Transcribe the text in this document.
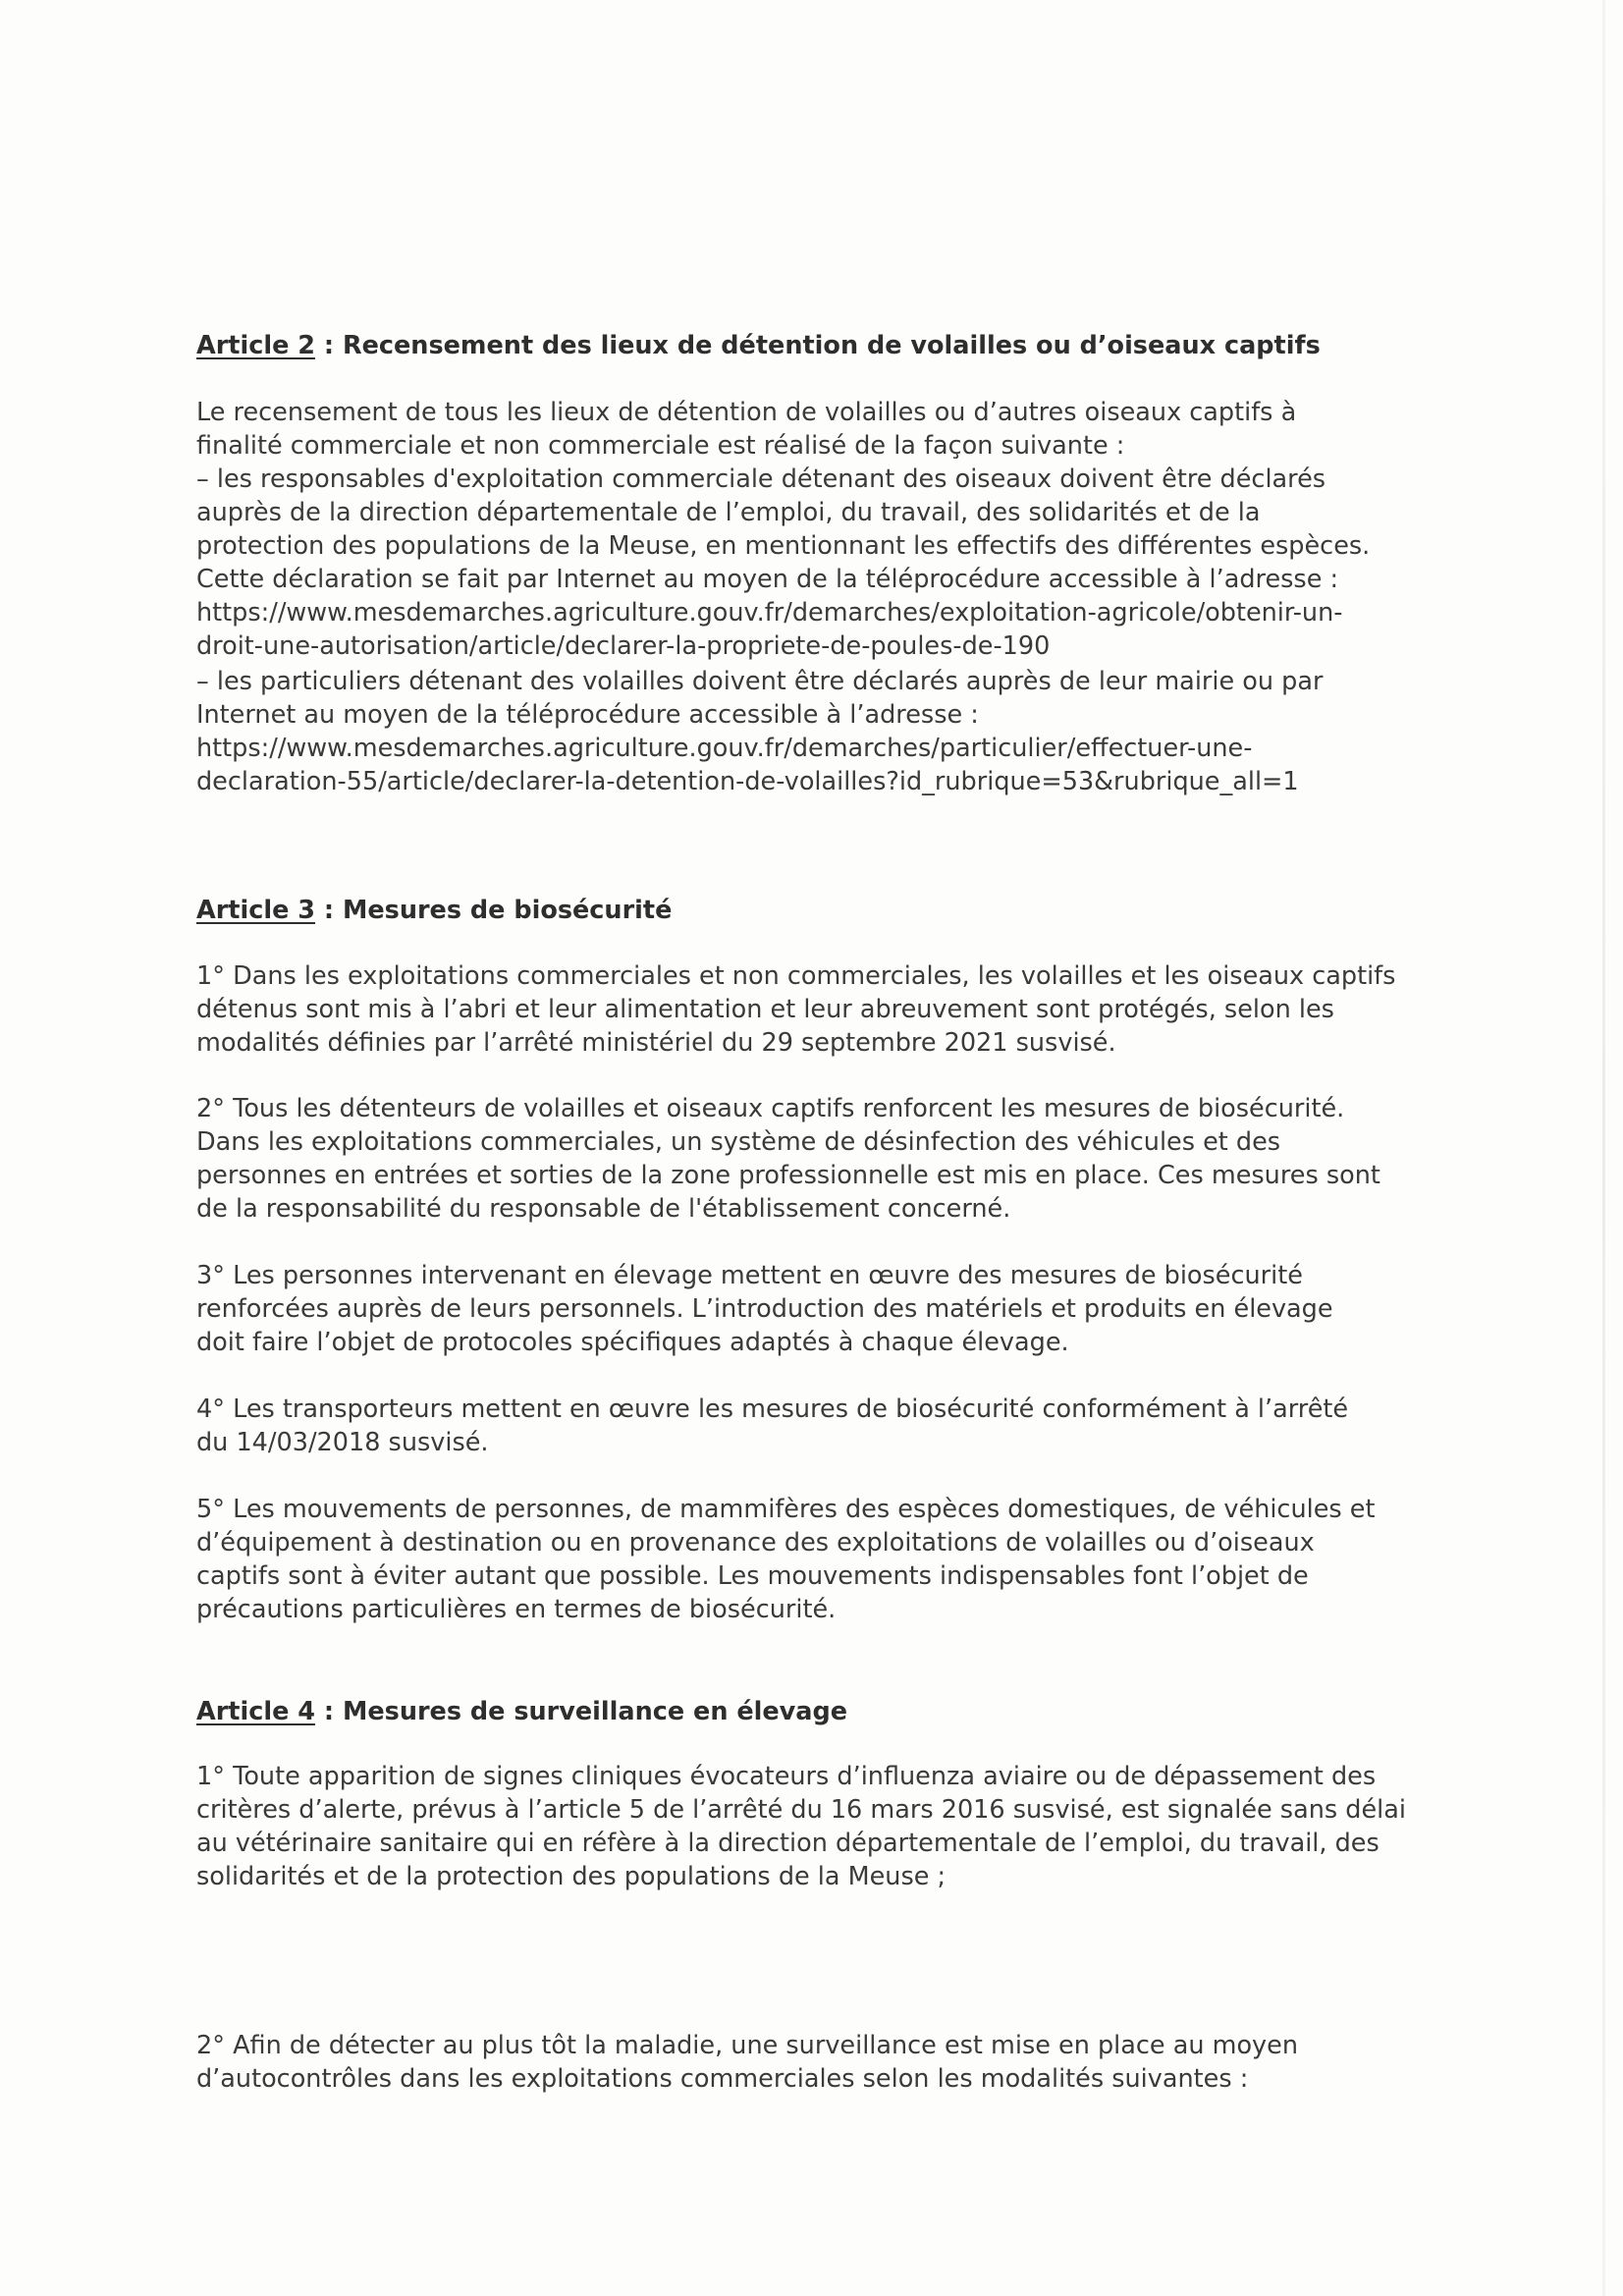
Article 2 : Recensement des lieux de détention de volailles ou d’oiseaux captifs

Le recensement de tous les lieux de détention de volailles ou d’autres oiseaux captifs à
finalité commerciale et non commerciale est réalisé de la façon suivante :

– les responsables d'exploitation commerciale détenant des oiseaux doivent être déclarés
auprès de la direction départementale de l’emploi, du travail, des solidarités et de la
protection des populations de la Meuse, en mentionnant les effectifs des différentes espèces.
Cette déclaration se fait par Internet au moyen de la téléprocédure accessible à l’adresse :
https://www.mesdemarches.agriculture.gouv.fr/demarches/exploitation-agricole/obtenir-un-
droit-une-autorisation/article/declarer-la-propriete-de-poules-de-190

– les particuliers détenant des volailles doivent être déclarés auprès de leur mairie ou par
Internet au moyen de la téléprocédure accessible à l’adresse :
https://www.mesdemarches.agriculture.gouv.fr/demarches/particulier/effectuer-une-
declaration-55/article/declarer-la-detention-de-volailles?id_rubrique=53&rubrique_all=1

Article 3 : Mesures de biosécurité

1° Dans les exploitations commerciales et non commerciales, les volailles et les oiseaux captifs
détenus sont mis à l’abri et leur alimentation et leur abreuvement sont protégés, selon les
modalités définies par l’arrêté ministériel du 29 septembre 2021 susvisé.

2° Tous les détenteurs de volailles et oiseaux captifs renforcent les mesures de biosécurité.
Dans les exploitations commerciales, un système de désinfection des véhicules et des
personnes en entrées et sorties de la zone professionnelle est mis en place. Ces mesures sont
de la responsabilité du responsable de l'établissement concerné.

3° Les personnes intervenant en élevage mettent en œuvre des mesures de biosécurité
renforcées auprès de leurs personnels. L’introduction des matériels et produits en élevage
doit faire l’objet de protocoles spécifiques adaptés à chaque élevage.

4° Les transporteurs mettent en œuvre les mesures de biosécurité conformément à l’arrêté
du 14/03/2018 susvisé.

5° Les mouvements de personnes, de mammifères des espèces domestiques, de véhicules et
d’équipement à destination ou en provenance des exploitations de volailles ou d’oiseaux
captifs sont à éviter autant que possible. Les mouvements indispensables font l’objet de
précautions particulières en termes de biosécurité.

Article 4 : Mesures de surveillance en élevage

1° Toute apparition de signes cliniques évocateurs d’influenza aviaire ou de dépassement des
critères d’alerte, prévus à l’article 5 de l’arrêté du 16 mars 2016 susvisé, est signalée sans délai
au vétérinaire sanitaire qui en réfère à la direction départementale de l’emploi, du travail, des
solidarités et de la protection des populations de la Meuse ;

2° Afin de détecter au plus tôt la maladie, une surveillance est mise en place au moyen
d’autocontrôles dans les exploitations commerciales selon les modalités suivantes :
